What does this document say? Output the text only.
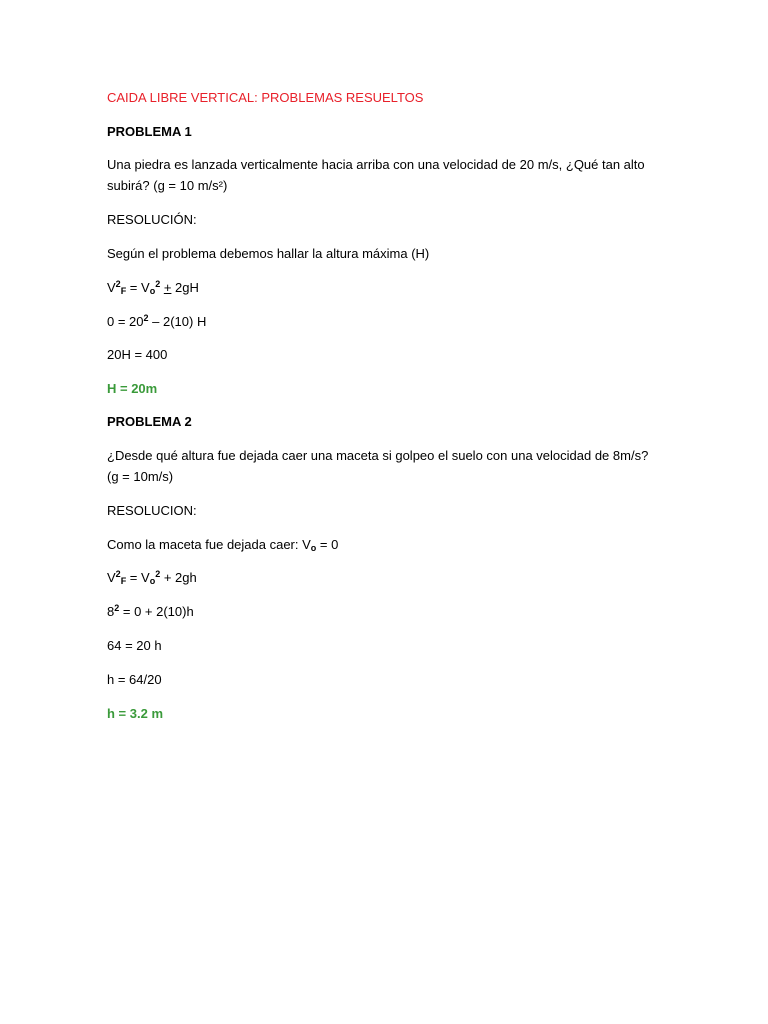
CAIDA LIBRE VERTICAL: PROBLEMAS RESUELTOS
PROBLEMA 1
Una piedra es lanzada verticalmente hacia arriba con una velocidad de 20 m/s, ¿Qué tan alto
subirá? (g = 10 m/s²)
RESOLUCIÓN:
Según el problema debemos hallar la altura máxima (H)
$V^2_F = V_o^2 + 2gH$
$0 = 20^2 - 2(10)$ H
20H = 400
H = 20m
PROBLEMA 2
¿Desde qué altura fue dejada caer una maceta si golpeo el suelo con una velocidad de 8m/s?
(g = 10m/s)
RESOLUCION:
Como la maceta fue dejada caer: $V_o = 0$
$V^2_F = V_o^2 + 2gh$
$8^2 = 0 + 2(10)h$
64 = 20 h
h = 64/20
h = 3.2 m
